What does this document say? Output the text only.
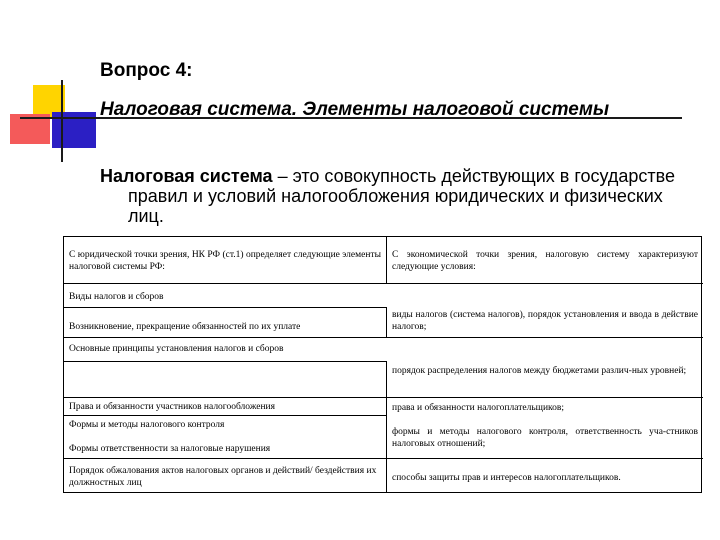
Вопрос 4:
Налоговая система. Элементы налоговой системы
Налоговая система – это совокупность действующих в государстве правил и условий налогообложения юридических и физических лиц.
С юридической точки зрения, НК РФ (ст.1) определяет следующие элементы налоговой системы РФ:
С экономической точки зрения, налоговую систему характеризуют следующие условия:
Виды налогов и сборов
Возникновение, прекращение обязанностей по их уплате
Основные принципы установления налогов и сборов
Права и обязанности участников налогообложения
Формы и методы налогового контроля
Формы ответственности за налоговые нарушения
Порядок обжалования актов налоговых органов и действий/ бездействия их должностных лиц
виды налогов (система налогов), порядок установления и ввода в действие налогов;
порядок распределения налогов между бюджетами различ-ных уровней;
права и обязанности налогоплательщиков;
формы и методы налогового контроля, ответственность уча-стников налоговых отношений;
способы защиты прав и интересов налогоплательщиков.
